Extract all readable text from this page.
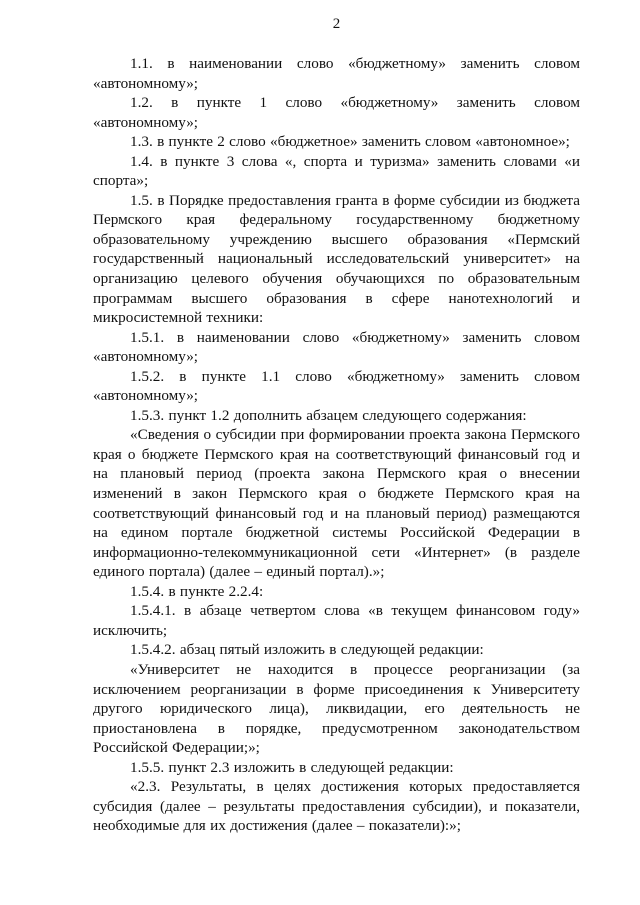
2

1.1. в наименовании слово «бюджетному» заменить словом «автономному»;

1.2. в пункте 1 слово «бюджетному» заменить словом «автономному»;

1.3. в пункте 2 слово «бюджетное» заменить словом «автономное»;

1.4. в пункте 3 слова «, спорта и туризма» заменить словами «и спорта»;

1.5. в Порядке предоставления гранта в форме субсидии из бюджета Пермского края федеральному государственному бюджетному образовательному учреждению высшего образования «Пермский государственный национальный исследовательский университет» на организацию целевого обучения обучающихся по образовательным программам высшего образования в сфере нанотехнологий и микросистемной техники:

1.5.1. в наименовании слово «бюджетному» заменить словом «автономному»;

1.5.2. в пункте 1.1 слово «бюджетному» заменить словом «автономному»;

1.5.3. пункт 1.2 дополнить абзацем следующего содержания:

«Сведения о субсидии при формировании проекта закона Пермского края о бюджете Пермского края на соответствующий финансовый год и на плановый период (проекта закона Пермского края о внесении изменений в закон Пермского края о бюджете Пермского края на соответствующий финансовый год и на плановый период) размещаются на едином портале бюджетной системы Российской Федерации в информационно-телекоммуникационной сети «Интернет» (в разделе единого портала) (далее – единый портал).»;

1.5.4. в пункте 2.2.4:

1.5.4.1. в абзаце четвертом слова «в текущем финансовом году» исключить;

1.5.4.2. абзац пятый изложить в следующей редакции:

«Университет не находится в процессе реорганизации (за исключением реорганизации в форме присоединения к Университету другого юридического лица), ликвидации, его деятельность не приостановлена в порядке, предусмотренном законодательством Российской Федерации;»;

1.5.5. пункт 2.3 изложить в следующей редакции:

«2.3. Результаты, в целях достижения которых предоставляется субсидия (далее – результаты предоставления субсидии), и показатели, необходимые для их достижения (далее – показатели):»;
